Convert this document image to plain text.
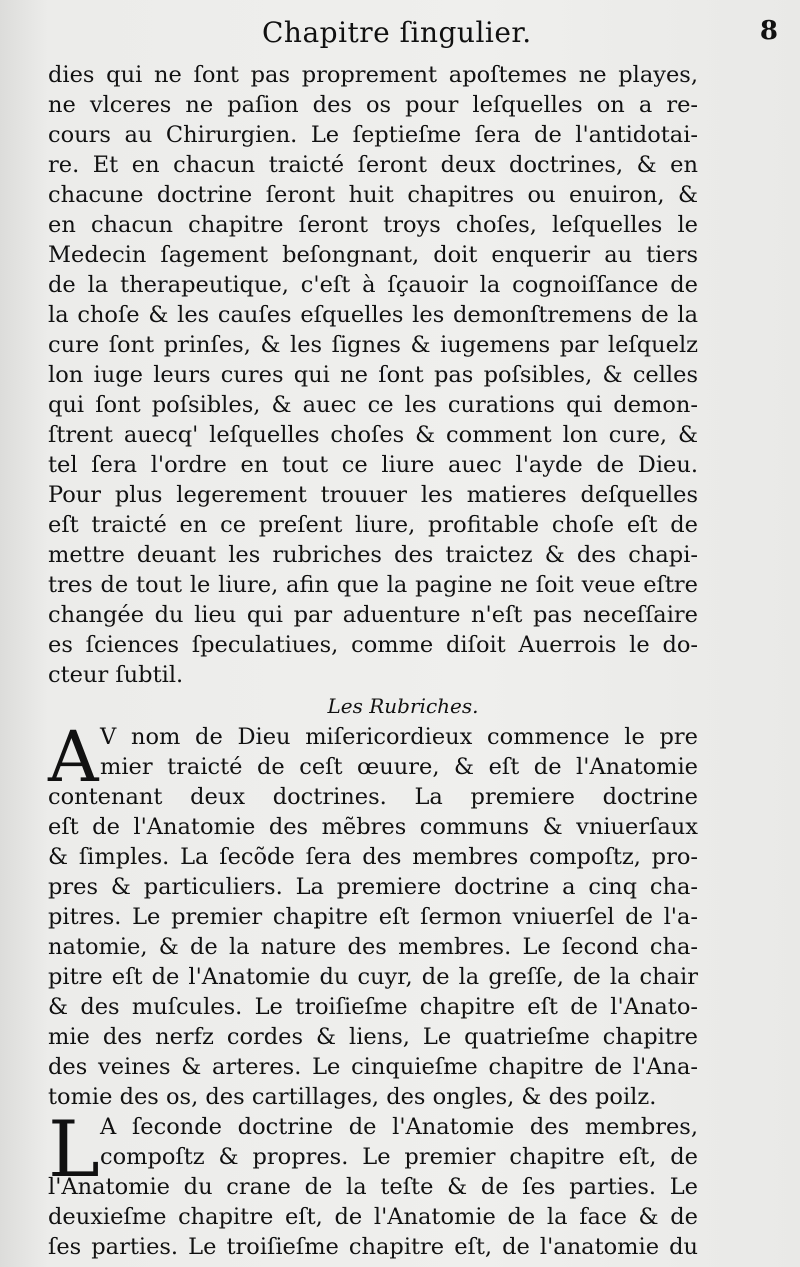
Chapitre ſingulier.	8
dies qui ne ſont pas proprement apoſtemes ne playes,
ne vlceres ne paſion des os pour leſquelles on a re-
cours au Chirurgien. Le ſeptieſme ſera de l'antidotai-
re. Et en chacun traicté ſeront deux doctrines, & en
chacune doctrine ſeront huit chapitres ou enuiron, &
en chacun chapitre ſeront troys choſes, leſquelles le
Medecin ſagement beſongnant, doit enquerir au tiers
de la therapeutique, c'eſt à ſçauoir la cognoiſſance de
la choſe & les cauſes eſquelles les demonſtremens de la
cure ſont prinſes, & les ſignes & iugemens par leſquelz
lon iuge leurs cures qui ne ſont pas poſsibles, & celles
qui ſont poſsibles, & auec ce les curations qui demon-
ſtrent auecq' leſquelles choſes & comment lon cure, &
tel ſera l'ordre en tout ce liure auec l'ayde de Dieu.
Pour plus legerement trouuer les matieres deſquelles
eſt traicté en ce preſent liure, profitable choſe eſt de
mettre deuant les rubriches des traictez & des chapi-
tres de tout le liure, afin que la pagine ne ſoit veue eſtre
changée du lieu qui par aduenture n'eſt pas neceſſaire
es ſciences ſpeculatiues, comme diſoit Auerrois le do-
cteur ſubtil.
Les Rubriches.
A V nom de Dieu miſericordieux commence le pre
mier traicté de ceſt œuure, & eſt de l'Anatomie
contenant deux doctrines. La premiere doctrine
eſt de l'Anatomie des mẽbres communs & vniuerſaux
& ſimples. La ſecõde ſera des membres compoſtz, pro-
pres & particuliers. La premiere doctrine a cinq cha-
pitres. Le premier chapitre eſt ſermon vniuerſel de l'a-
natomie, & de la nature des membres. Le ſecond cha-
pitre eſt de l'Anatomie du cuyr, de la greſſe, de la chair
& des muſcules. Le troiſieſme chapitre eſt de l'Anato-
mie des nerfz cordes & liens, Le quatrieſme chapitre
des veines & arteres. Le cinquieſme chapitre de l'Ana-
tomie des os, des cartillages, des ongles, & des poilz.
L A ſeconde doctrine de l'Anatomie des membres,
compoſtz & propres. Le premier chapitre eſt, de
l'Anatomie du crane de la teſte & de ſes parties. Le
deuxieſme chapitre eſt, de l'Anatomie de la face & de
ſes parties. Le troiſieſme chapitre eſt, de l'anatomie du
